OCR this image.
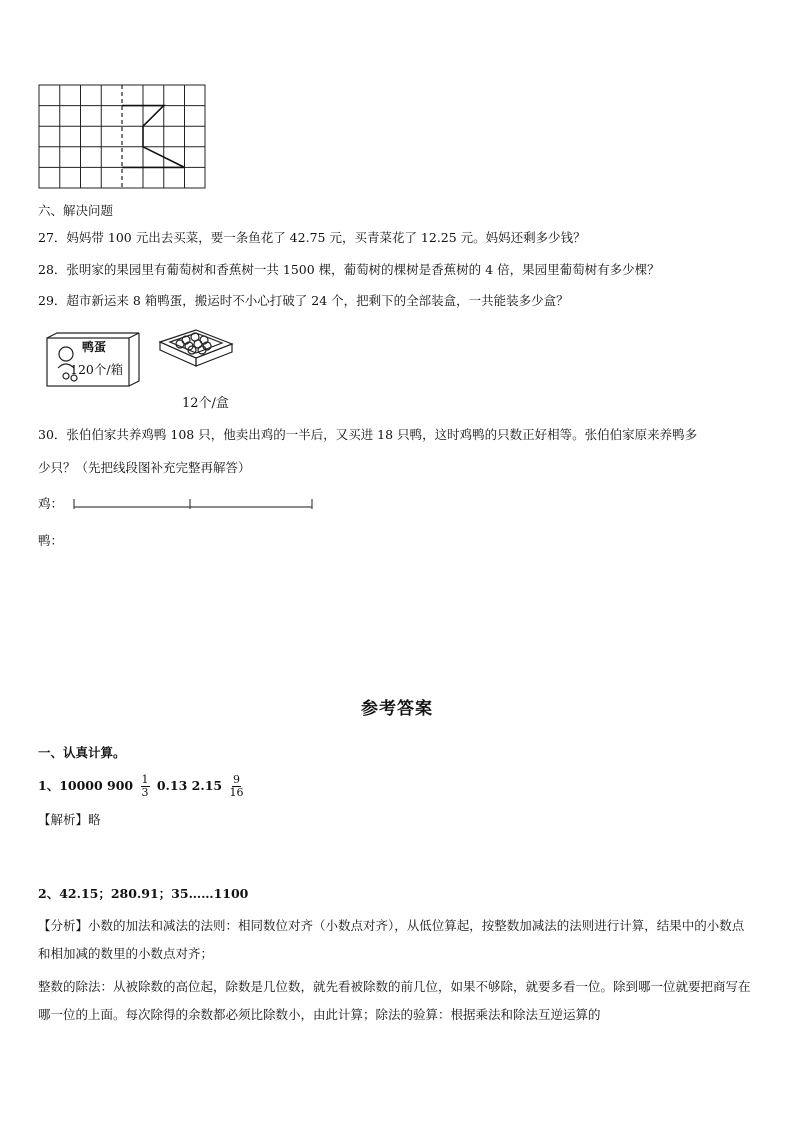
六、解决问题
27．妈妈带 100 元出去买菜，要一条鱼花了 42.75 元，买青菜花了 12.25 元。妈妈还剩多少钱？
28．张明家的果园里有葡萄树和香蕉树一共 1500 棵，葡萄树的棵树是香蕉树的 4 倍，果园里葡萄树有多少棵？
29．超市新运来 8 箱鸭蛋，搬运时不小心打破了 24 个，把剩下的全部装盒，一共能装多少盒？
鸭蛋
120个/箱
12个/盒
30．张伯伯家共养鸡鸭 108 只，他卖出鸡的一半后，又买进 18 只鸭，这时鸡鸭的只数正好相等。张伯伯家原来养鸭多
少只？（先把线段图补充完整再解答）
鸡：
鸭：
参考答案
一、认真计算。
1、10000 $900 \frac{1}{3} 0.13$ $2.15 \frac{9}{16}$
【解析】略
2、42.15；280.91；35……1100
【分析】小数的加法和减法的法则：相同数位对齐（小数点对齐），从低位算起，按整数加减法的法则进行计算，结果中的小数点和相加减的数里的小数点对齐；
整数的除法：从被除数的高位起，除数是几位数，就先看被除数的前几位，如果不够除，就要多看一位。除到哪一位就要把商写在哪一位的上面。每次除得的余数都必须比除数小，由此计算；除法的验算：根据乘法和除法互逆运算的
